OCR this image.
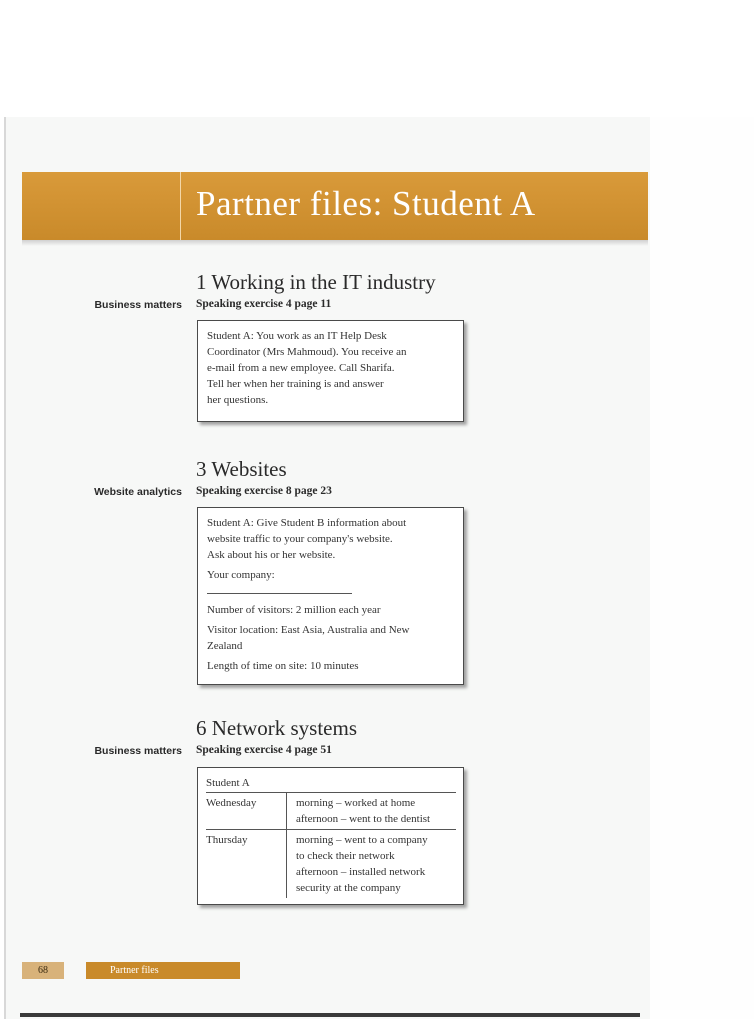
Partner files: Student A
1 Working in the IT industry
Business matters Speaking exercise 4 page 11

Student A: You work as an IT Help Desk

Coordinator (Mrs Mahmoud). You receive an

e-mail from a new employee. Call Sharifa.

Tell her when her training is and answer

her questions.

3 Websites
Website analytics Speaking exercise 8 page 23

Student A: Give Student B information about

website traffic to your company's website.

Ask about his or her website.

Your company:

Number of visitors: 2 million each year

Visitor location: East Asia, Australia and New Zealand

Length of time on site: 10 minutes

6 Network systems
Business matters Speaking exercise 4 page 51
Student A	
Wednesday	morning – worked at home
afternoon – went to the dentist

Thursday	morning – went to a company
to check their network
afternoon – installed network
security at the company
68	Partner files
